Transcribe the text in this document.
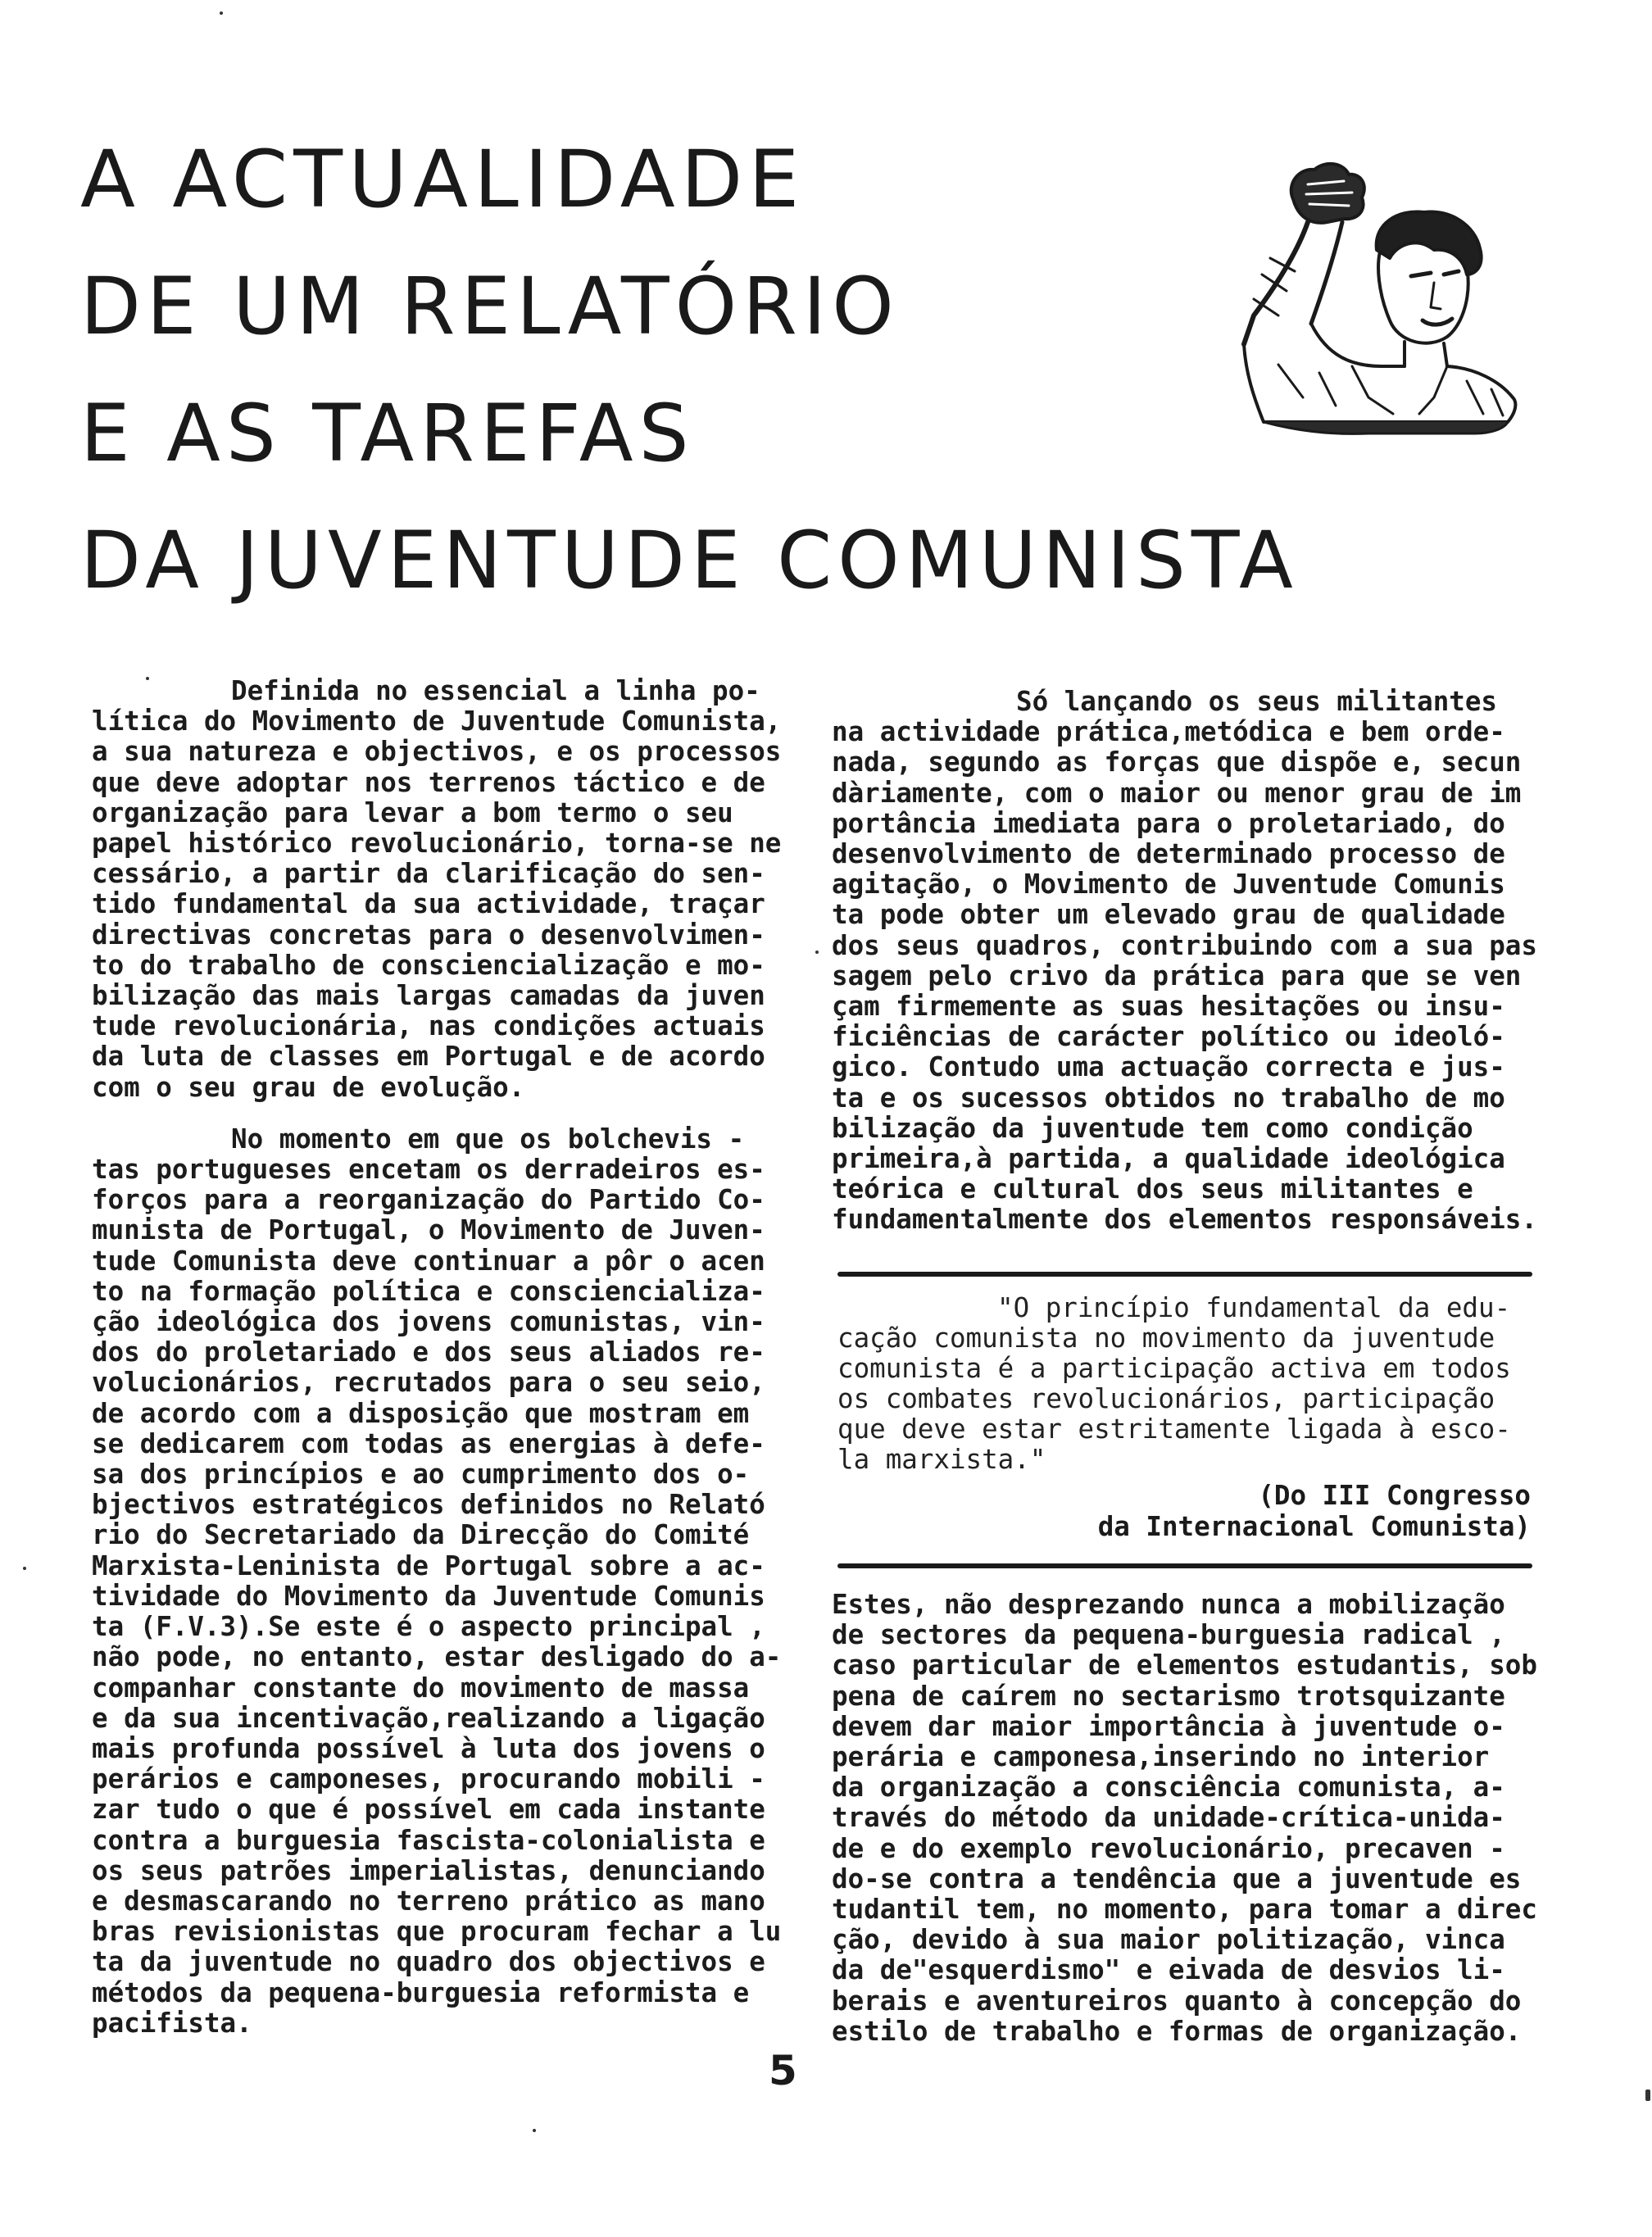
A ACTUALIDADE
DE UM RELATÓRIO
E AS TAREFAS
DA JUVENTUDE COMUNISTA

Definida no essencial a linha po-
lítica do Movimento de Juventude Comunista,
a sua natureza e objectivos, e os processos
que deve adoptar nos terrenos táctico e de
organização para levar a bom termo o seu
papel histórico revolucionário, torna-se ne
cessário, a partir da clarificação do sen-
tido fundamental da sua actividade, traçar
directivas concretas para o desenvolvimen-
to do trabalho de consciencialização e mo-
bilização das mais largas camadas da juven
tude revolucionária, nas condições actuais
da luta de classes em Portugal e de acordo
com o seu grau de evolução.

No momento em que os bolchevis -
tas portugueses encetam os derradeiros es-
forços para a reorganização do Partido Co-
munista de Portugal, o Movimento de Juven-
tude Comunista deve continuar a pôr o acen
to na formação política e consciencializa-
ção ideológica dos jovens comunistas, vin-
dos do proletariado e dos seus aliados re-
volucionários, recrutados para o seu seio,
de acordo com a disposição que mostram em
se dedicarem com todas as energias à defe-
sa dos princípios e ao cumprimento dos o-
bjectivos estratégicos definidos no Relató
rio do Secretariado da Direcção do Comité
Marxista-Leninista de Portugal sobre a ac-
tividade do Movimento da Juventude Comunis
ta (F.V.3).Se este é o aspecto principal ,
não pode, no entanto, estar desligado do a-
companhar constante do movimento de massa
e da sua incentivação,realizando a ligação
mais profunda possível à luta dos jovens o
perários e camponeses, procurando mobili -
zar tudo o que é possível em cada instante
contra a burguesia fascista-colonialista e
os seus patrões imperialistas, denunciando
e desmascarando no terreno prático as mano
bras revisionistas que procuram fechar a lu
ta da juventude no quadro dos objectivos e
métodos da pequena-burguesia reformista e
pacifista.

Só lançando os seus militantes
na actividade prática,metódica e bem orde-
nada, segundo as forças que dispõe e, secun
dàriamente, com o maior ou menor grau de im
portância imediata para o proletariado, do
desenvolvimento de determinado processo de
agitação, o Movimento de Juventude Comunis
ta pode obter um elevado grau de qualidade
dos seus quadros, contribuindo com a sua pas
sagem pelo crivo da prática para que se ven
çam firmemente as suas hesitações ou insu-
ficiências de carácter político ou ideoló-
gico. Contudo uma actuação correcta e jus-
ta e os sucessos obtidos no trabalho de mo
bilização da juventude tem como condição
primeira,à partida, a qualidade ideológica
teórica e cultural dos seus militantes e
fundamentalmente dos elementos responsáveis.

"O princípio fundamental da edu-
cação comunista no movimento da juventude
comunista é a participação activa em todos
os combates revolucionários, participação
que deve estar estritamente ligada à esco-
la marxista."
(Do III Congresso
da Internacional Comunista)

Estes, não desprezando nunca a mobilização
de sectores da pequena-burguesia radical ,
caso particular de elementos estudantis, sob
pena de caírem no sectarismo trotsquizante
devem dar maior importância à juventude o-
perária e camponesa,inserindo no interior
da organização a consciência comunista, a-
través do método da unidade-crítica-unida-
de e do exemplo revolucionário, precaven -
do-se contra a tendência que a juventude es
tudantil tem, no momento, para tomar a direc
ção, devido à sua maior politização, vinca
da de"esquerdismo" e eivada de desvios li-
berais e aventureiros quanto à concepção do
estilo de trabalho e formas de organização.

5
